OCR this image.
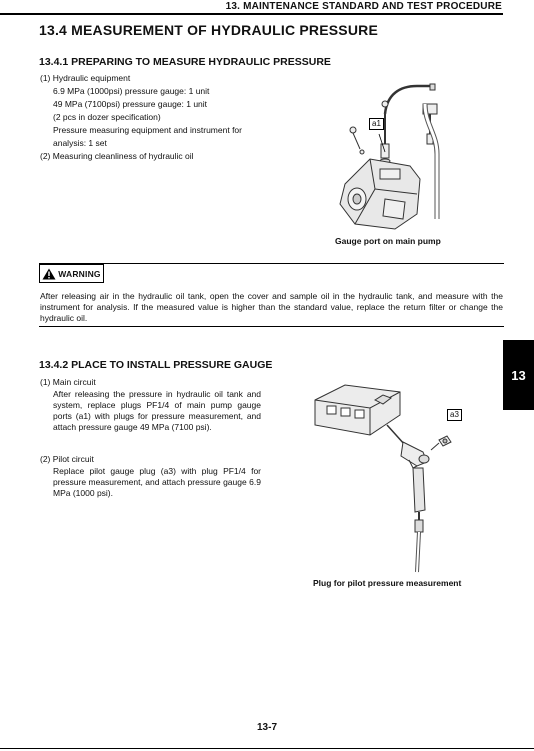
13. MAINTENANCE STANDARD AND TEST PROCEDURE
13.4 MEASUREMENT OF HYDRAULIC PRESSURE
13.4.1 PREPARING TO MEASURE HYDRAULIC PRESSURE
(1) Hydraulic equipment
6.9 MPa (1000psi) pressure gauge: 1 unit
49 MPa (7100psi) pressure gauge: 1 unit
(2 pcs in dozer specification)
Pressure measuring equipment and instrument for
analysis: 1 set
(2) Measuring cleanliness of hydraulic oil
a1
Gauge port on main pump
WARNING
After releasing air in the hydraulic oil tank, open the cover and sample oil in the hydraulic tank, and measure with the instrument for analysis. If the measured value is higher than the standard value, replace the return filter or change the hydraulic oil.
13
13.4.2 PLACE TO INSTALL PRESSURE GAUGE
(1) Main circuit
After releasing the pressure in hydraulic oil tank and system, replace plugs PF1/4 of main pump gauge ports (a1) with plugs for pressure measurement, and attach pressure gauge 49 MPa (7100 psi).
(2) Pilot circuit
Replace pilot gauge plug (a3) with plug PF1/4 for pressure measurement, and attach pressure gauge 6.9 MPa (1000 psi).
a3
Plug for pilot pressure measurement
13-7
